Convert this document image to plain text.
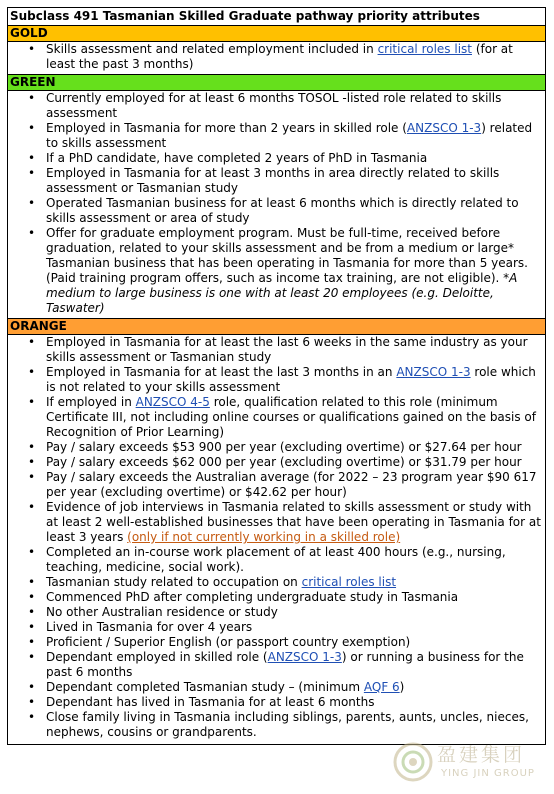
Subclass 491 Tasmanian Skilled Graduate pathway priority attributes
GOLD
• Skills assessment and related employment included in critical roles list (for at least the past 3 months)
GREEN
• Currently employed for at least 6 months TOSOL -listed role related to skills assessment
• Employed in Tasmania for more than 2 years in skilled role (ANZSCO 1-3) related to skills assessment
• If a PhD candidate, have completed 2 years of PhD in Tasmania
• Employed in Tasmania for at least 3 months in area directly related to skills assessment or Tasmanian study
• Operated Tasmanian business for at least 6 months which is directly related to skills assessment or area of study
• Offer for graduate employment program. Must be full-time, received before graduation, related to your skills assessment and be from a medium or large* Tasmanian business that has been operating in Tasmania for more than 5 years. (Paid training program offers, such as income tax training, are not eligible). *A medium to large business is one with at least 20 employees (e.g. Deloitte, Taswater)
ORANGE
• Employed in Tasmania for at least the last 6 weeks in the same industry as your skills assessment or Tasmanian study
• Employed in Tasmania for at least the last 3 months in an ANZSCO 1-3 role which is not related to your skills assessment
• If employed in ANZSCO 4-5 role, qualification related to this role (minimum Certificate III, not including online courses or qualifications gained on the basis of Recognition of Prior Learning)
• Pay / salary exceeds $53 900 per year (excluding overtime) or $27.64 per hour
• Pay / salary exceeds $62 000 per year (excluding overtime) or $31.79 per hour
• Pay / salary exceeds the Australian average (for 2022 – 23 program year $90 617 per year (excluding overtime) or $42.62 per hour)
• Evidence of job interviews in Tasmania related to skills assessment or study with at least 2 well-established businesses that have been operating in Tasmania for at least 3 years (only if not currently working in a skilled role)
• Completed an in-course work placement of at least 400 hours (e.g., nursing, teaching, medicine, social work).
• Tasmanian study related to occupation on critical roles list
• Commenced PhD after completing undergraduate study in Tasmania
• No other Australian residence or study
• Lived in Tasmania for over 4 years
• Proficient / Superior English (or passport country exemption)
• Dependant employed in skilled role (ANZSCO 1-3) or running a business for the past 6 months
• Dependant completed Tasmanian study – (minimum AQF 6)
• Dependant has lived in Tasmania for at least 6 months
• Close family living in Tasmania including siblings, parents, aunts, uncles, nieces, nephews, cousins or grandparents.
盈建集团
YING JIN GROUP
